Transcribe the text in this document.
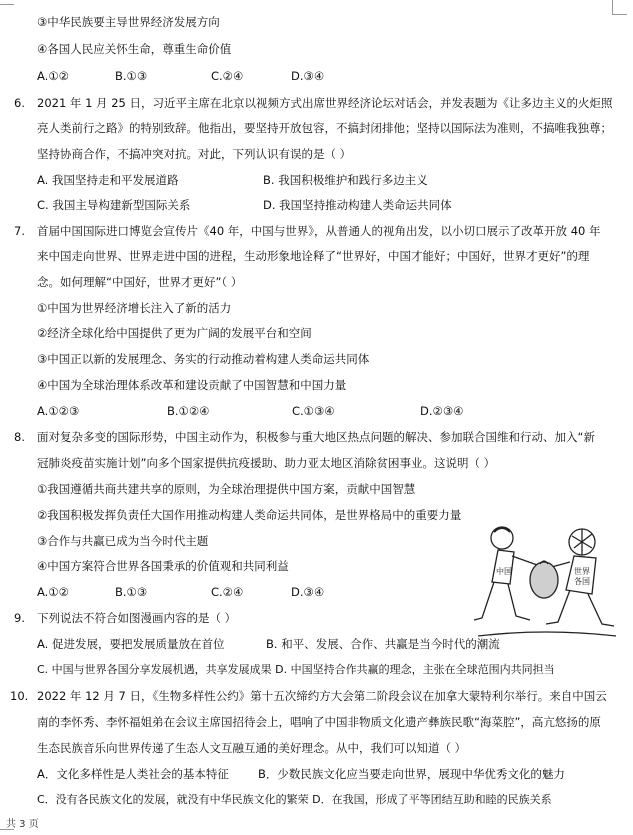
③中华民族要主导世界经济发展方向
④各国人民应关怀生命，尊重生命价值
A.①②	B.①③	C.②④	D.③④
6. 2021 年 1 月 25 日，习近平主席在北京以视频方式出席世界经济论坛对话会，并发表题为《让多边主义的火炬照
亮人类前行之路》的特别致辞。他指出，要坚持开放包容，不搞封闭排他；坚持以国际法为准则，不搞唯我独尊；
坚持协商合作，不搞冲突对抗。对此，下列认识有误的是（ ）
A. 我国坚持走和平发展道路	B. 我国积极维护和践行多边主义
C. 我国主导构建新型国际关系	D. 我国坚持推动构建人类命运共同体
7. 首届中国国际进口博览会宣传片《40 年，中国与世界》，从普通人的视角出发，以小切口展示了改革开放 40 年
来中国走向世界、世界走进中国的进程，生动形象地诠释了“世界好，中国才能好；中国好，世界才更好”的理
念。如何理解“中国好，世界才更好”（ ）
①中国为世界经济增长注入了新的活力
②经济全球化给中国提供了更为广阔的发展平台和空间
③中国正以新的发展理念、务实的行动推动着构建人类命运共同体
④中国为全球治理体系改革和建设贡献了中国智慧和中国力量
A.①②③	B.①②④	C.①③④	D.②③④
8. 面对复杂多变的国际形势，中国主动作为，积极参与重大地区热点问题的解决、参加联合国维和行动、加入“新
冠肺炎疫苗实施计划”向多个国家提供抗疫援助、助力亚太地区消除贫困事业。这说明（ ）
①我国遵循共商共建共享的原则，为全球治理提供中国方案，贡献中国智慧
②我国积极发挥负责任大国作用推动构建人类命运共同体，是世界格局中的重要力量
③合作与共赢已成为当今时代主题
④中国方案符合世界各国秉承的价值观和共同利益
A.①②	B.①③	C.②④	D.③④
中国	世界
各国
9. 下列说法不符合如图漫画内容的是（ ）
A. 促进发展，要把发展质量放在首位	B. 和平、发展、合作、共赢是当今时代的潮流
C. 中国与世界各国分享发展机遇，共享发展成果 D. 中国坚持合作共赢的理念，主张在全球范围内共同担当
10. 2022 年 12 月 7 日，《生物多样性公约》第十五次缔约方大会第二阶段会议在加拿大蒙特利尔举行。来自中国云
南的李怀秀、李怀福姐弟在会议主席国招待会上，唱响了中国非物质文化遗产彝族民歌“海菜腔”，高亢悠扬的原
生态民族音乐向世界传递了生态人文互融互通的美好理念。从中，我们可以知道（ ）
A．文化多样性是人类社会的基本特征	B．少数民族文化应当要走向世界，展现中华优秀文化的魅力
C．没有各民族文化的发展，就没有中华民族文化的繁荣 D．在我国，形成了平等团结互助和睦的民族关系
共 3 页
